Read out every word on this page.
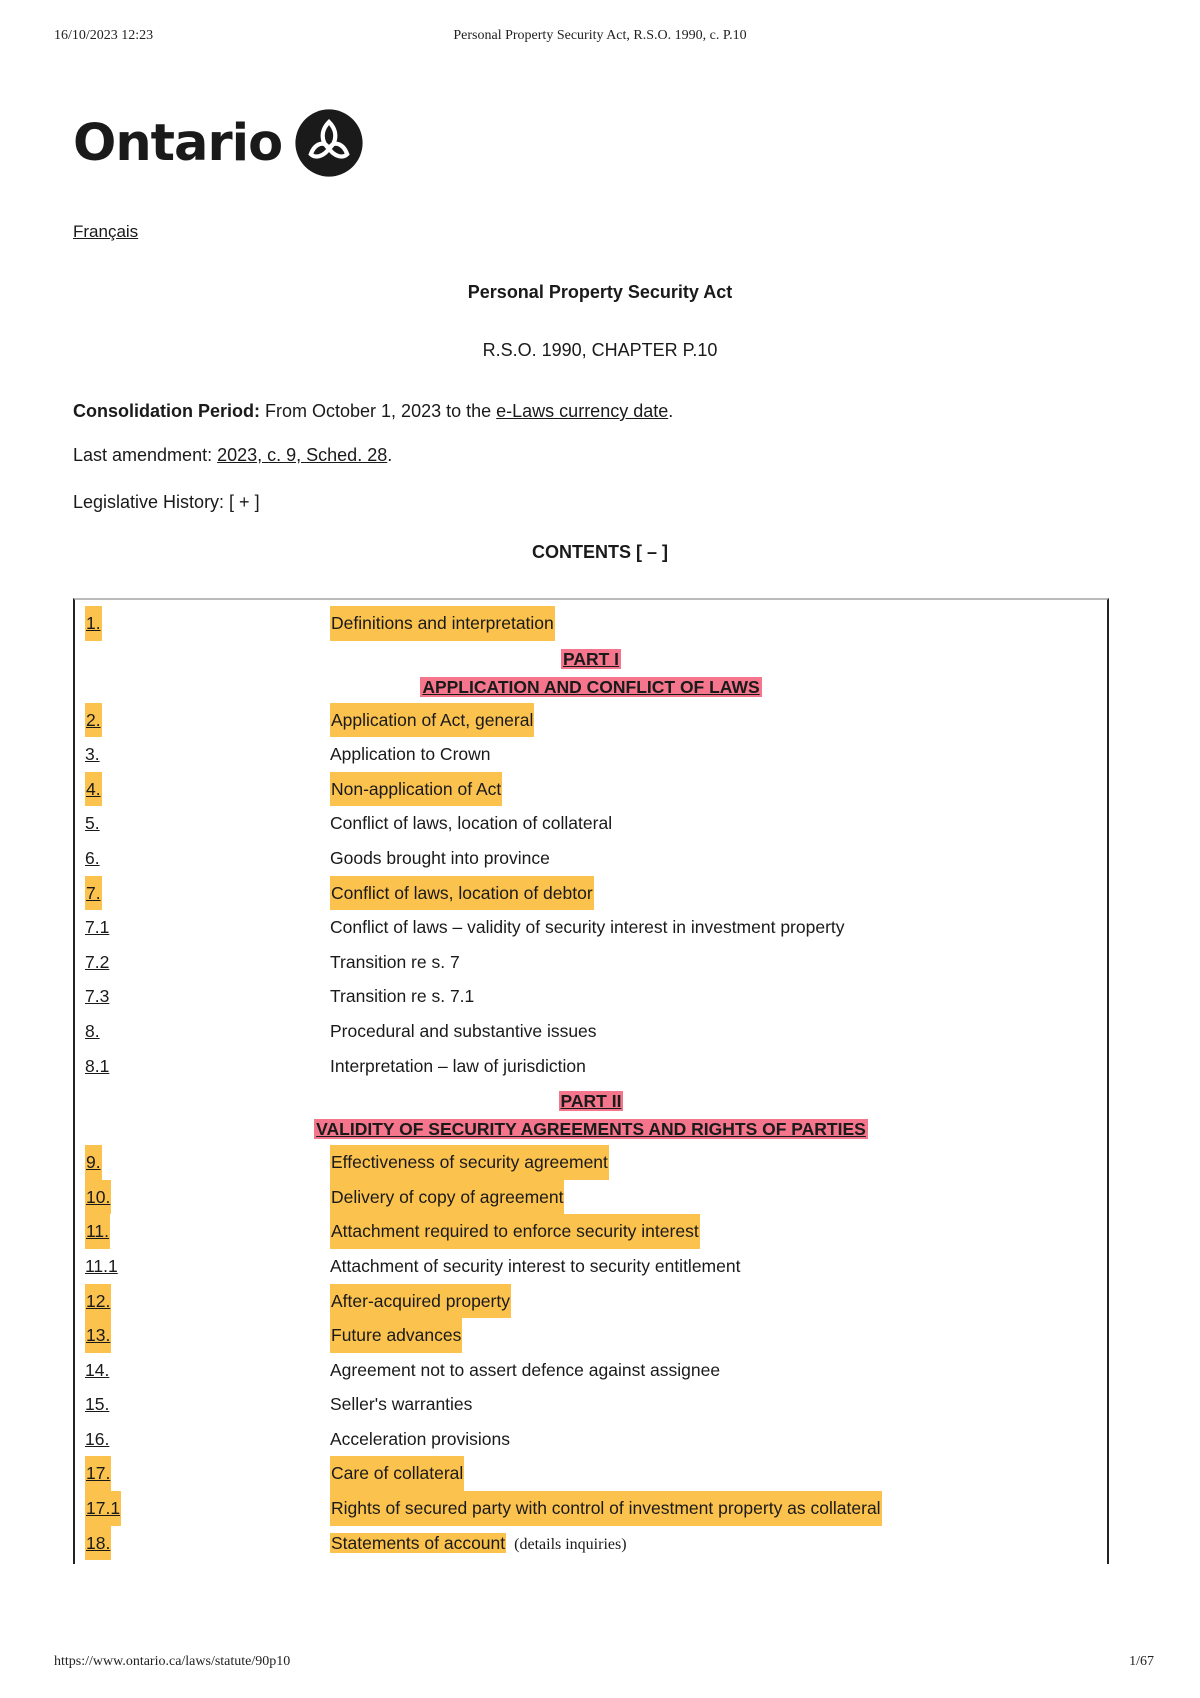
16/10/2023 12:23	Personal Property Security Act, R.S.O. 1990, c. P.10
Ontario
Français
Personal Property Security Act
R.S.O. 1990, CHAPTER P.10
Consolidation Period: From October 1, 2023 to the e-Laws currency date.
Last amendment: 2023, c. 9, Sched. 28.
Legislative History: [ + ]
CONTENTS [ – ]
1.	Definitions and interpretation
PART I
APPLICATION AND CONFLICT OF LAWS
2.	Application of Act, general
3.	Application to Crown
4.	Non-application of Act
5.	Conflict of laws, location of collateral
6.	Goods brought into province
7.	Conflict of laws, location of debtor
7.1	Conflict of laws – validity of security interest in investment property
7.2	Transition re s. 7
7.3	Transition re s. 7.1
8.	Procedural and substantive issues
8.1	Interpretation – law of jurisdiction
PART II
VALIDITY OF SECURITY AGREEMENTS AND RIGHTS OF PARTIES
9.	Effectiveness of security agreement
10.	Delivery of copy of agreement
11.	Attachment required to enforce security interest
11.1	Attachment of security interest to security entitlement
12.	After-acquired property
13.	Future advances
14.	Agreement not to assert defence against assignee
15.	Seller's warranties
16.	Acceleration provisions
17.	Care of collateral
17.1	Rights of secured party with control of investment property as collateral
18.	Statements of account (details inquiries)
https://www.ontario.ca/laws/statute/90p10	1/67
